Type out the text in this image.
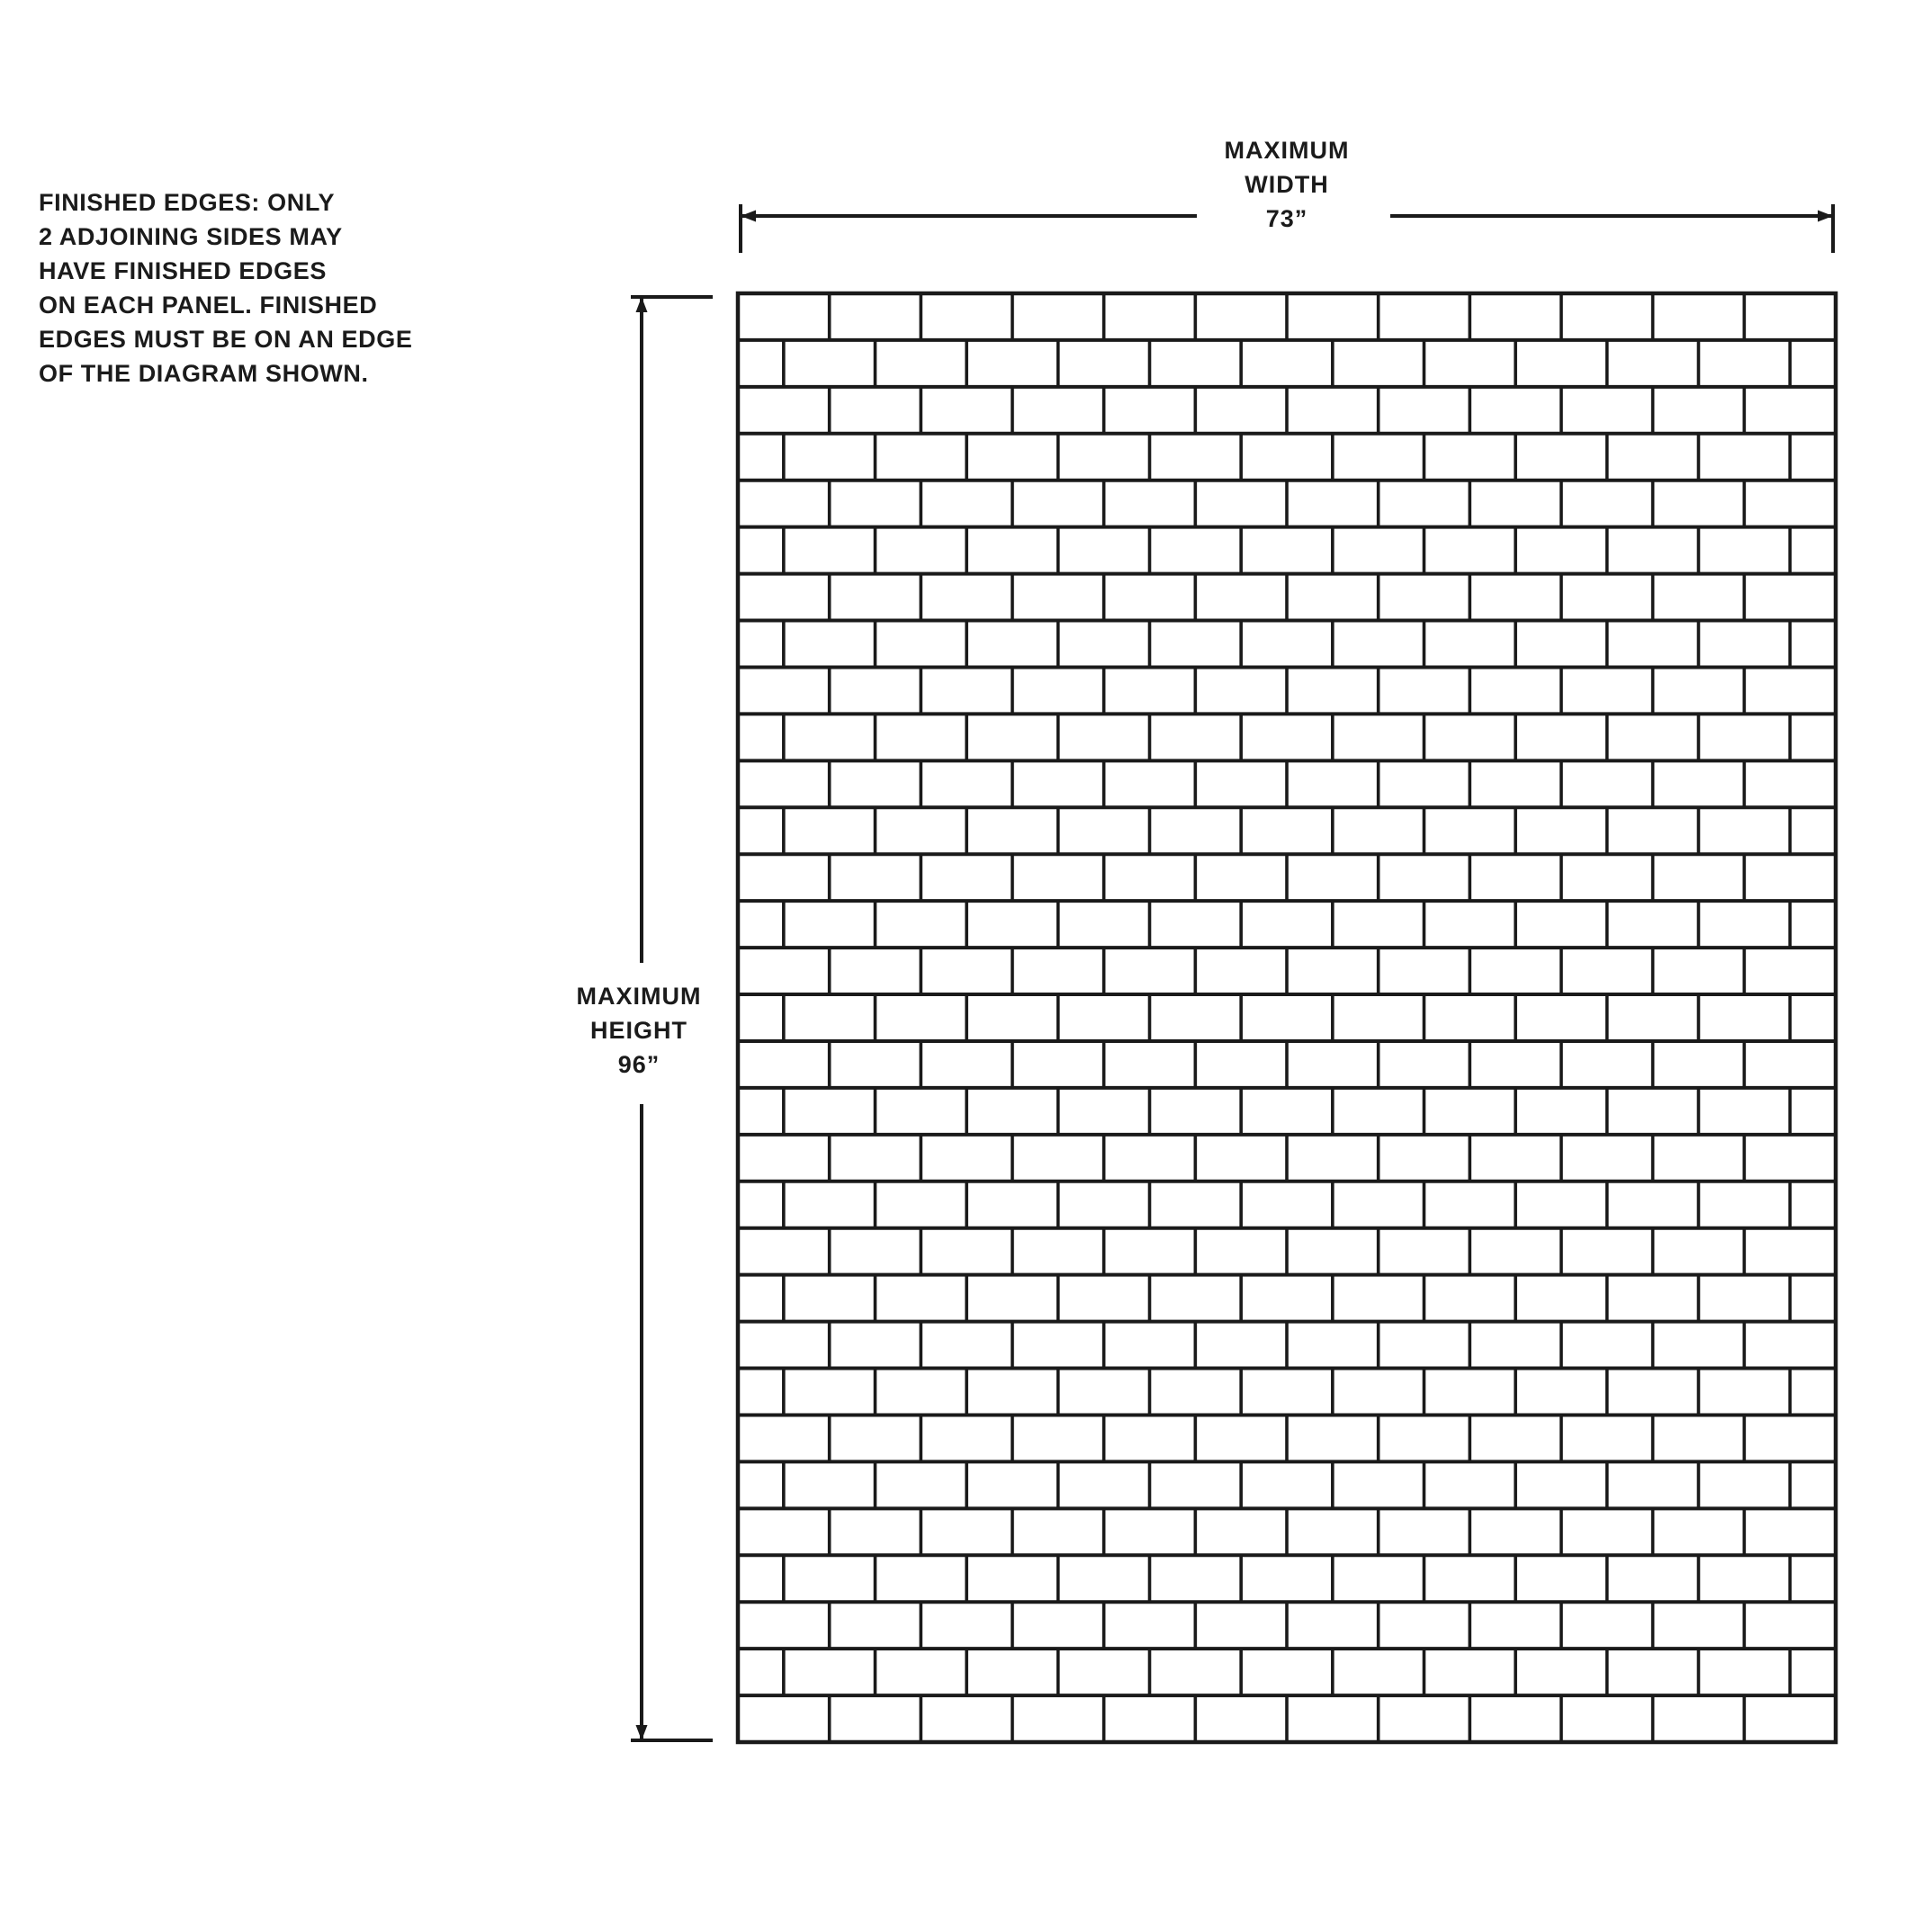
FINISHED EDGES: ONLY
2 ADJOINING SIDES MAY
HAVE FINISHED EDGES
ON EACH PANEL. FINISHED
EDGES MUST BE ON AN EDGE
OF THE DIAGRAM SHOWN.
MAXIMUM
WIDTH
73”
MAXIMUM
HEIGHT
96”
